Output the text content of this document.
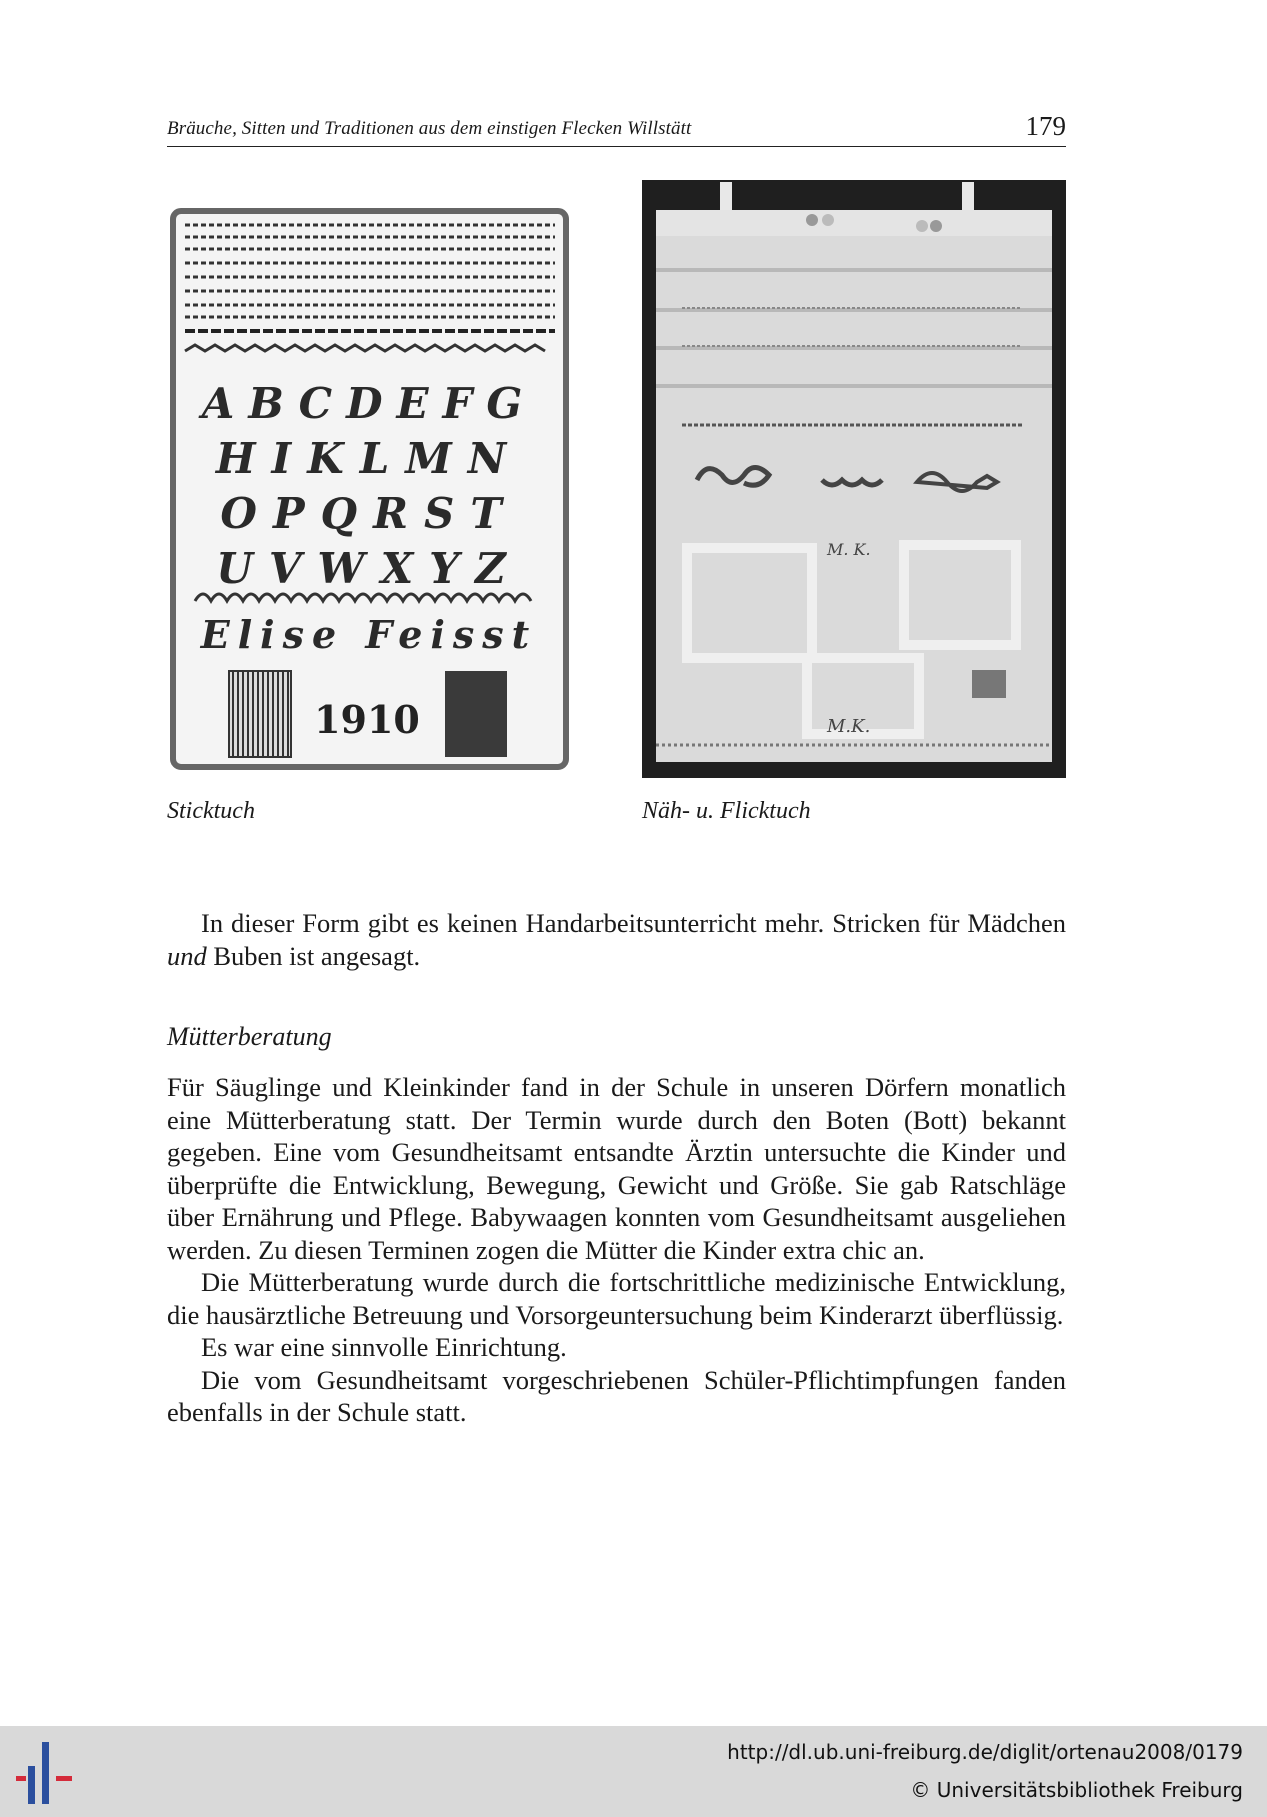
Bräuche, Sitten und Traditionen aus dem einstigen Flecken Willstätt	179
ABCDEFG
HIKLMN
OPQRST
UVWXYZ
Elise Feisst
1910
Sticktuch
M. K.
M.K.
Näh- u. Flicktuch

In dieser Form gibt es keinen Handarbeitsunterricht mehr. Stricken für Mädchen und Buben ist angesagt.

Mütterberatung

Für Säuglinge und Kleinkinder fand in der Schule in unseren Dörfern monatlich eine Mütterberatung statt. Der Termin wurde durch den Boten (Bott) bekannt gegeben. Eine vom Gesundheitsamt entsandte Ärztin untersuchte die Kinder und überprüfte die Entwicklung, Bewegung, Gewicht und Größe. Sie gab Ratschläge über Ernährung und Pflege. Babywaagen konnten vom Gesundheitsamt ausgeliehen werden. Zu diesen Terminen zogen die Mütter die Kinder extra chic an.

Die Mütterberatung wurde durch die fortschrittliche medizinische Entwicklung, die hausärztliche Betreuung und Vorsorgeuntersuchung beim Kinderarzt überflüssig.

Es war eine sinnvolle Einrichtung.

Die vom Gesundheitsamt vorgeschriebenen Schüler-Pflichtimpfungen fanden ebenfalls in der Schule statt.

http://dl.ub.uni-freiburg.de/diglit/ortenau2008/0179
© Universitätsbibliothek Freiburg
